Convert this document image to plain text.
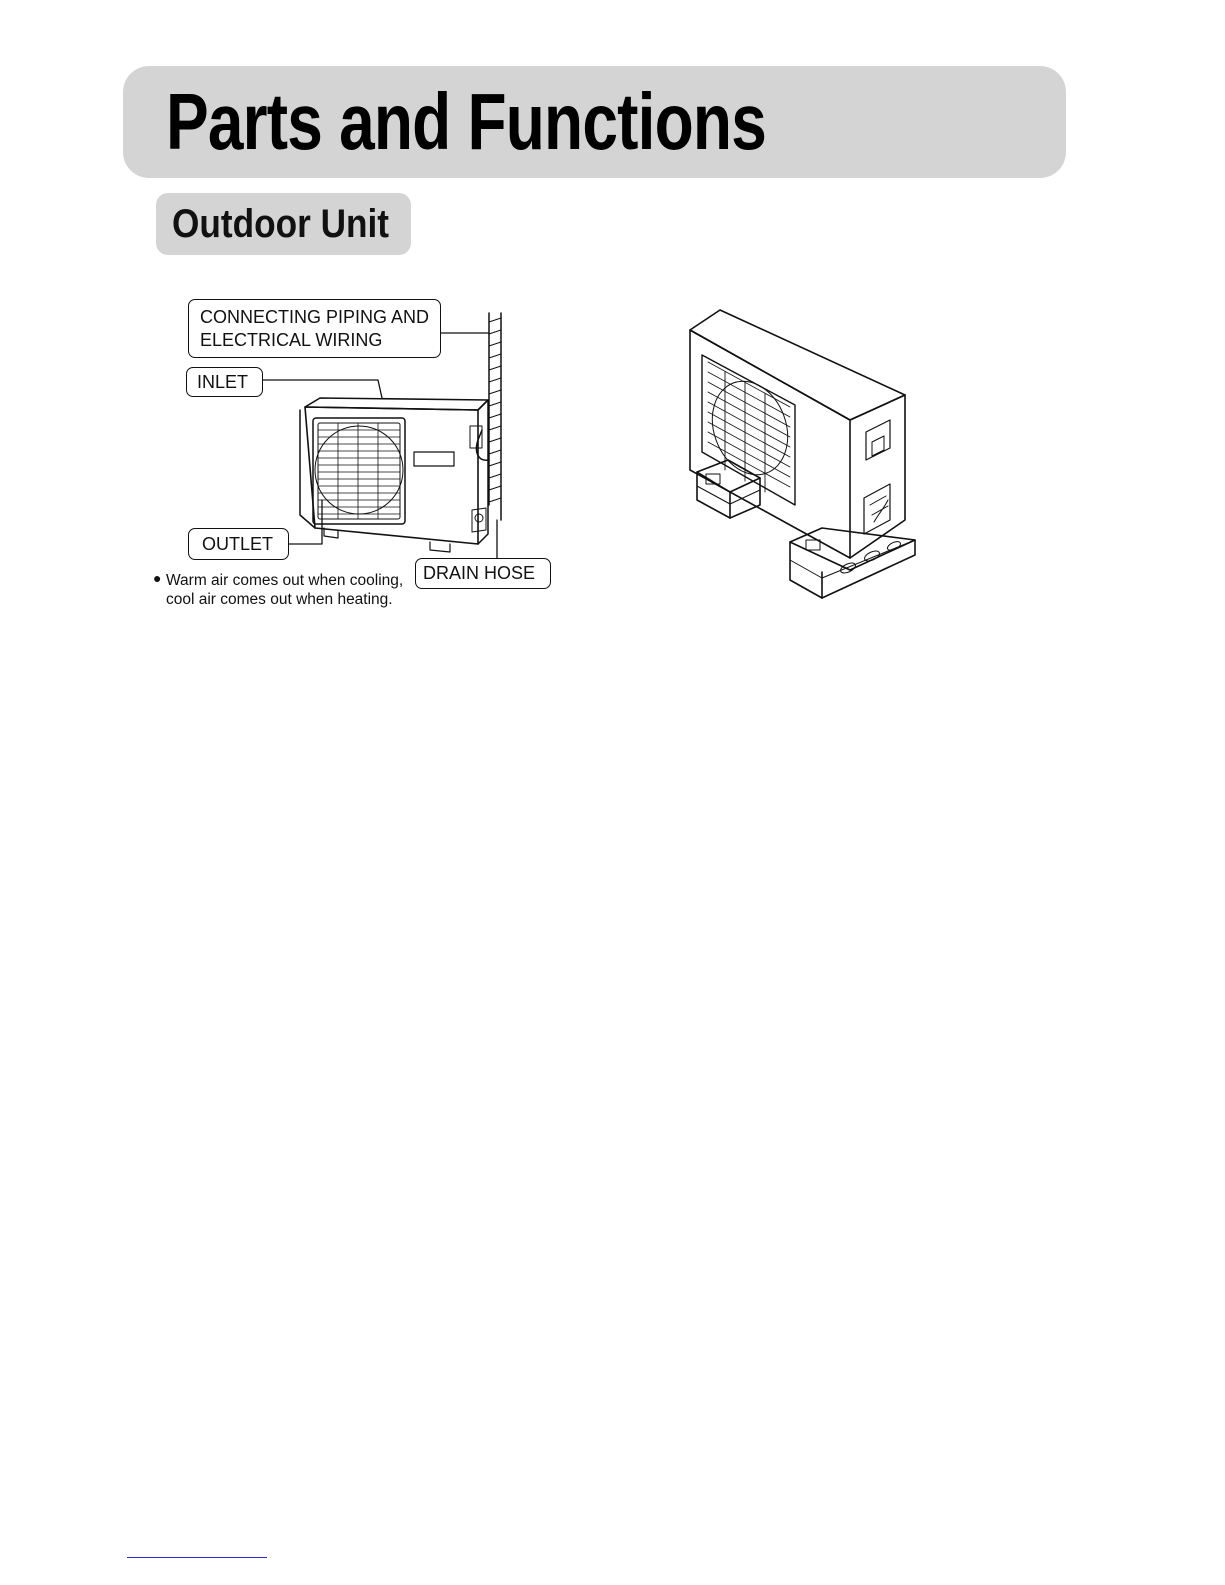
Parts and Functions
Outdoor Unit
CONNECTING PIPING AND
ELECTRICAL WIRING
INLET
OUTLET
DRAIN HOSE
● Warm air comes out when cooling,
cool air comes out when heating.
